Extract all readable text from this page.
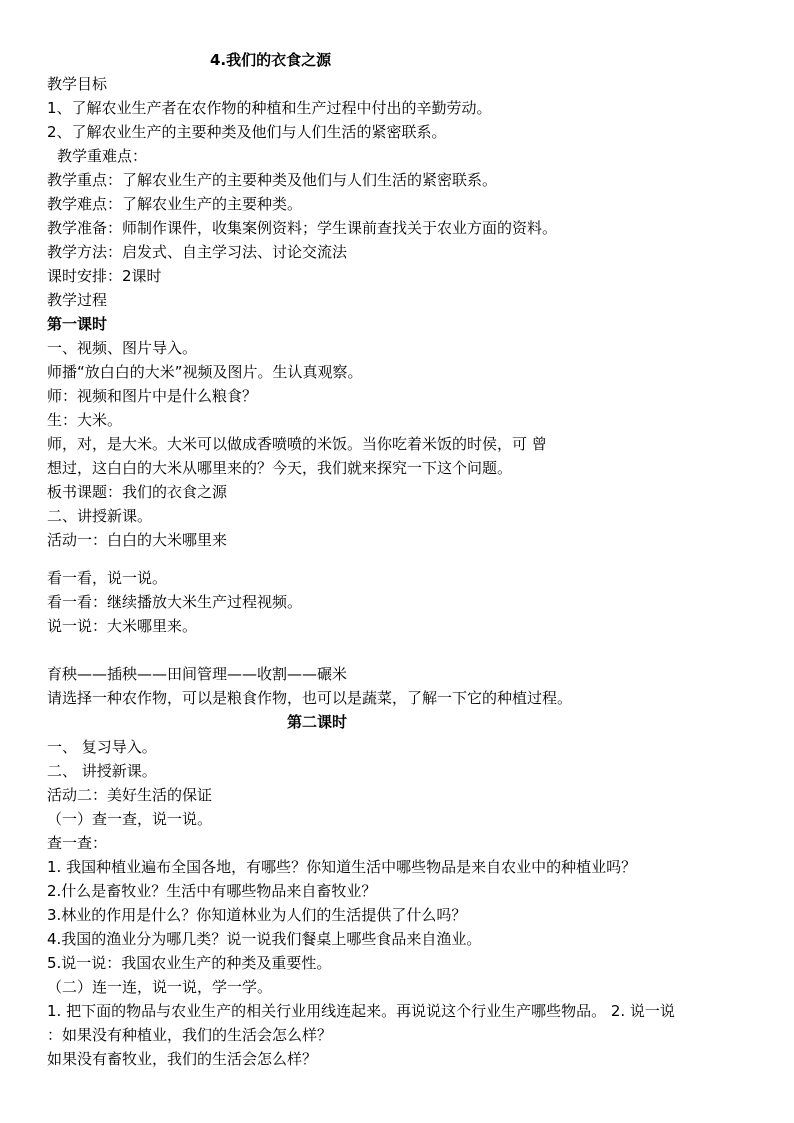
4.我们的衣食之源
教学目标
1、了解农业生产者在农作物的种植和生产过程中付出的辛勤劳动。
2、了解农业生产的主要种类及他们与人们生活的紧密联系。
教学重难点：
教学重点：了解农业生产的主要种类及他们与人们生活的紧密联系。
教学难点：了解农业生产的主要种类。
教学准备：师制作课件，收集案例资料；学生课前查找关于农业方面的资料。
教学方法：启发式、自主学习法、讨论交流法
课时安排：2课时
教学过程
第一课时
一、视频、图片导入。
师播“放白白的大米”视频及图片。生认真观察。
师：视频和图片中是什么粮食？
生：大米。
师，对，是大米。大米可以做成香喷喷的米饭。当你吃着米饭的时侯，可 曾
想过，这白白的大米从哪里来的？今天，我们就来探究一下这个问题。
板书课题：我们的衣食之源
二、讲授新课。
活动一：白白的大米哪里来
看一看，说一说。
看一看：继续播放大米生产过程视频。
说一说：大米哪里来。
育秧——插秧——田间管理——收割——碾米
请选择一种农作物，可以是粮食作物，也可以是蔬菜，了解一下它的种植过程。
第二课时
一、 复习导入。
二、 讲授新课。
活动二：美好生活的保证
（一）查一查，说一说。
查一查：
1. 我国种植业遍布全国各地，有哪些？你知道生活中哪些物品是来自农业中的种植业吗？
2.什么是畜牧业？生活中有哪些物品来自畜牧业？
3.林业的作用是什么？你知道林业为人们的生活提供了什么吗？
4.我国的渔业分为哪几类？说一说我们餐桌上哪些食品来自渔业。
5.说一说：我国农业生产的种类及重要性。
（二）连一连，说一说，学一学。
1. 把下面的物品与农业生产的相关行业用线连起来。再说说这个行业生产哪些物品。 2. 说一说
：如果没有种植业，我们的生活会怎么样？
如果没有畜牧业，我们的生活会怎么样？
